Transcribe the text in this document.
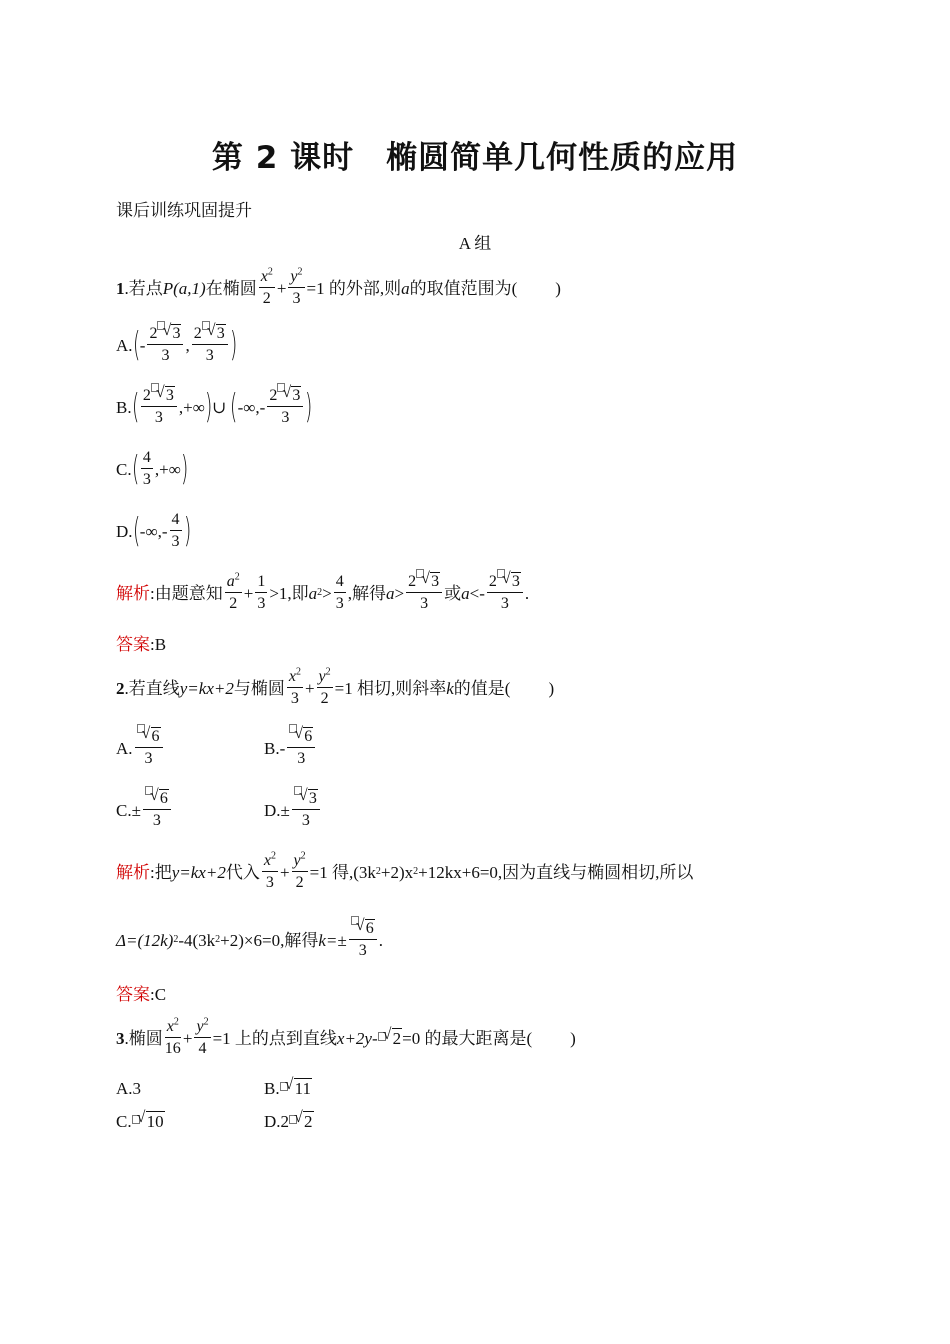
第 2 课时　椭圆简单几何性质的应用
课后训练巩固提升
A 组
1 .若点 P(a,1) 在椭圆 $\frac{x^2}{2} + \frac{y^2}{3} =1$ 的外部,则 a 的取值范围为( )
A. ( - $\frac{2 √ 3}{3}$ , $\frac{2 √ 3}{3}$ )
B. ( $\frac{2 √ 3}{3}$ ,+∞ ) ∪ ( -∞,- $\frac{2 √ 3}{3}$ )
C. ( $\frac{4}{3}$ ,+∞ )
D. ( -∞,- $\frac{4}{3}$ )
解析 :由题意知 $\frac{a^2}{2} + \frac{1}{3} >1$,即 a $2 > \frac{4}{3}$ ,解得 $a > \frac{2 √ 3}{3}$ 或 $a <- \frac{2 √ 3}{3}$ .
答案 :B
2 .若直线 y=kx+2 与椭圆 $\frac{x^2}{3} + \frac{y^2}{2} =1$ 相切,则斜率 k 的值是( )
A. $\frac{√ 6}{3}$	$B.- \frac{√ 6}{3}$
$C.\pm \frac{√ 6}{3}$	$D.\pm \frac{√ 3}{3}$
解析 :把 y=kx+2 代入 $\frac{x^2}{3} + \frac{y^2}{2} =1$ 得,(3k 2 +2)x 2 +12kx+6=0,因为直线与椭圆相切,所以
Δ=(12k) 2 -4(3k 2 +2)×6=0,解得 $k=\pm \frac{√ 6}{3}$ .
答案 :C
3 .椭圆 $\frac{x^2}{16} + \frac{y^2}{4} =1$ 上的点到直线 x+2y- √ 2 =0 的最大距离是( )
A.3	B. √ 11
C. √ 10	D.2 √ 2
